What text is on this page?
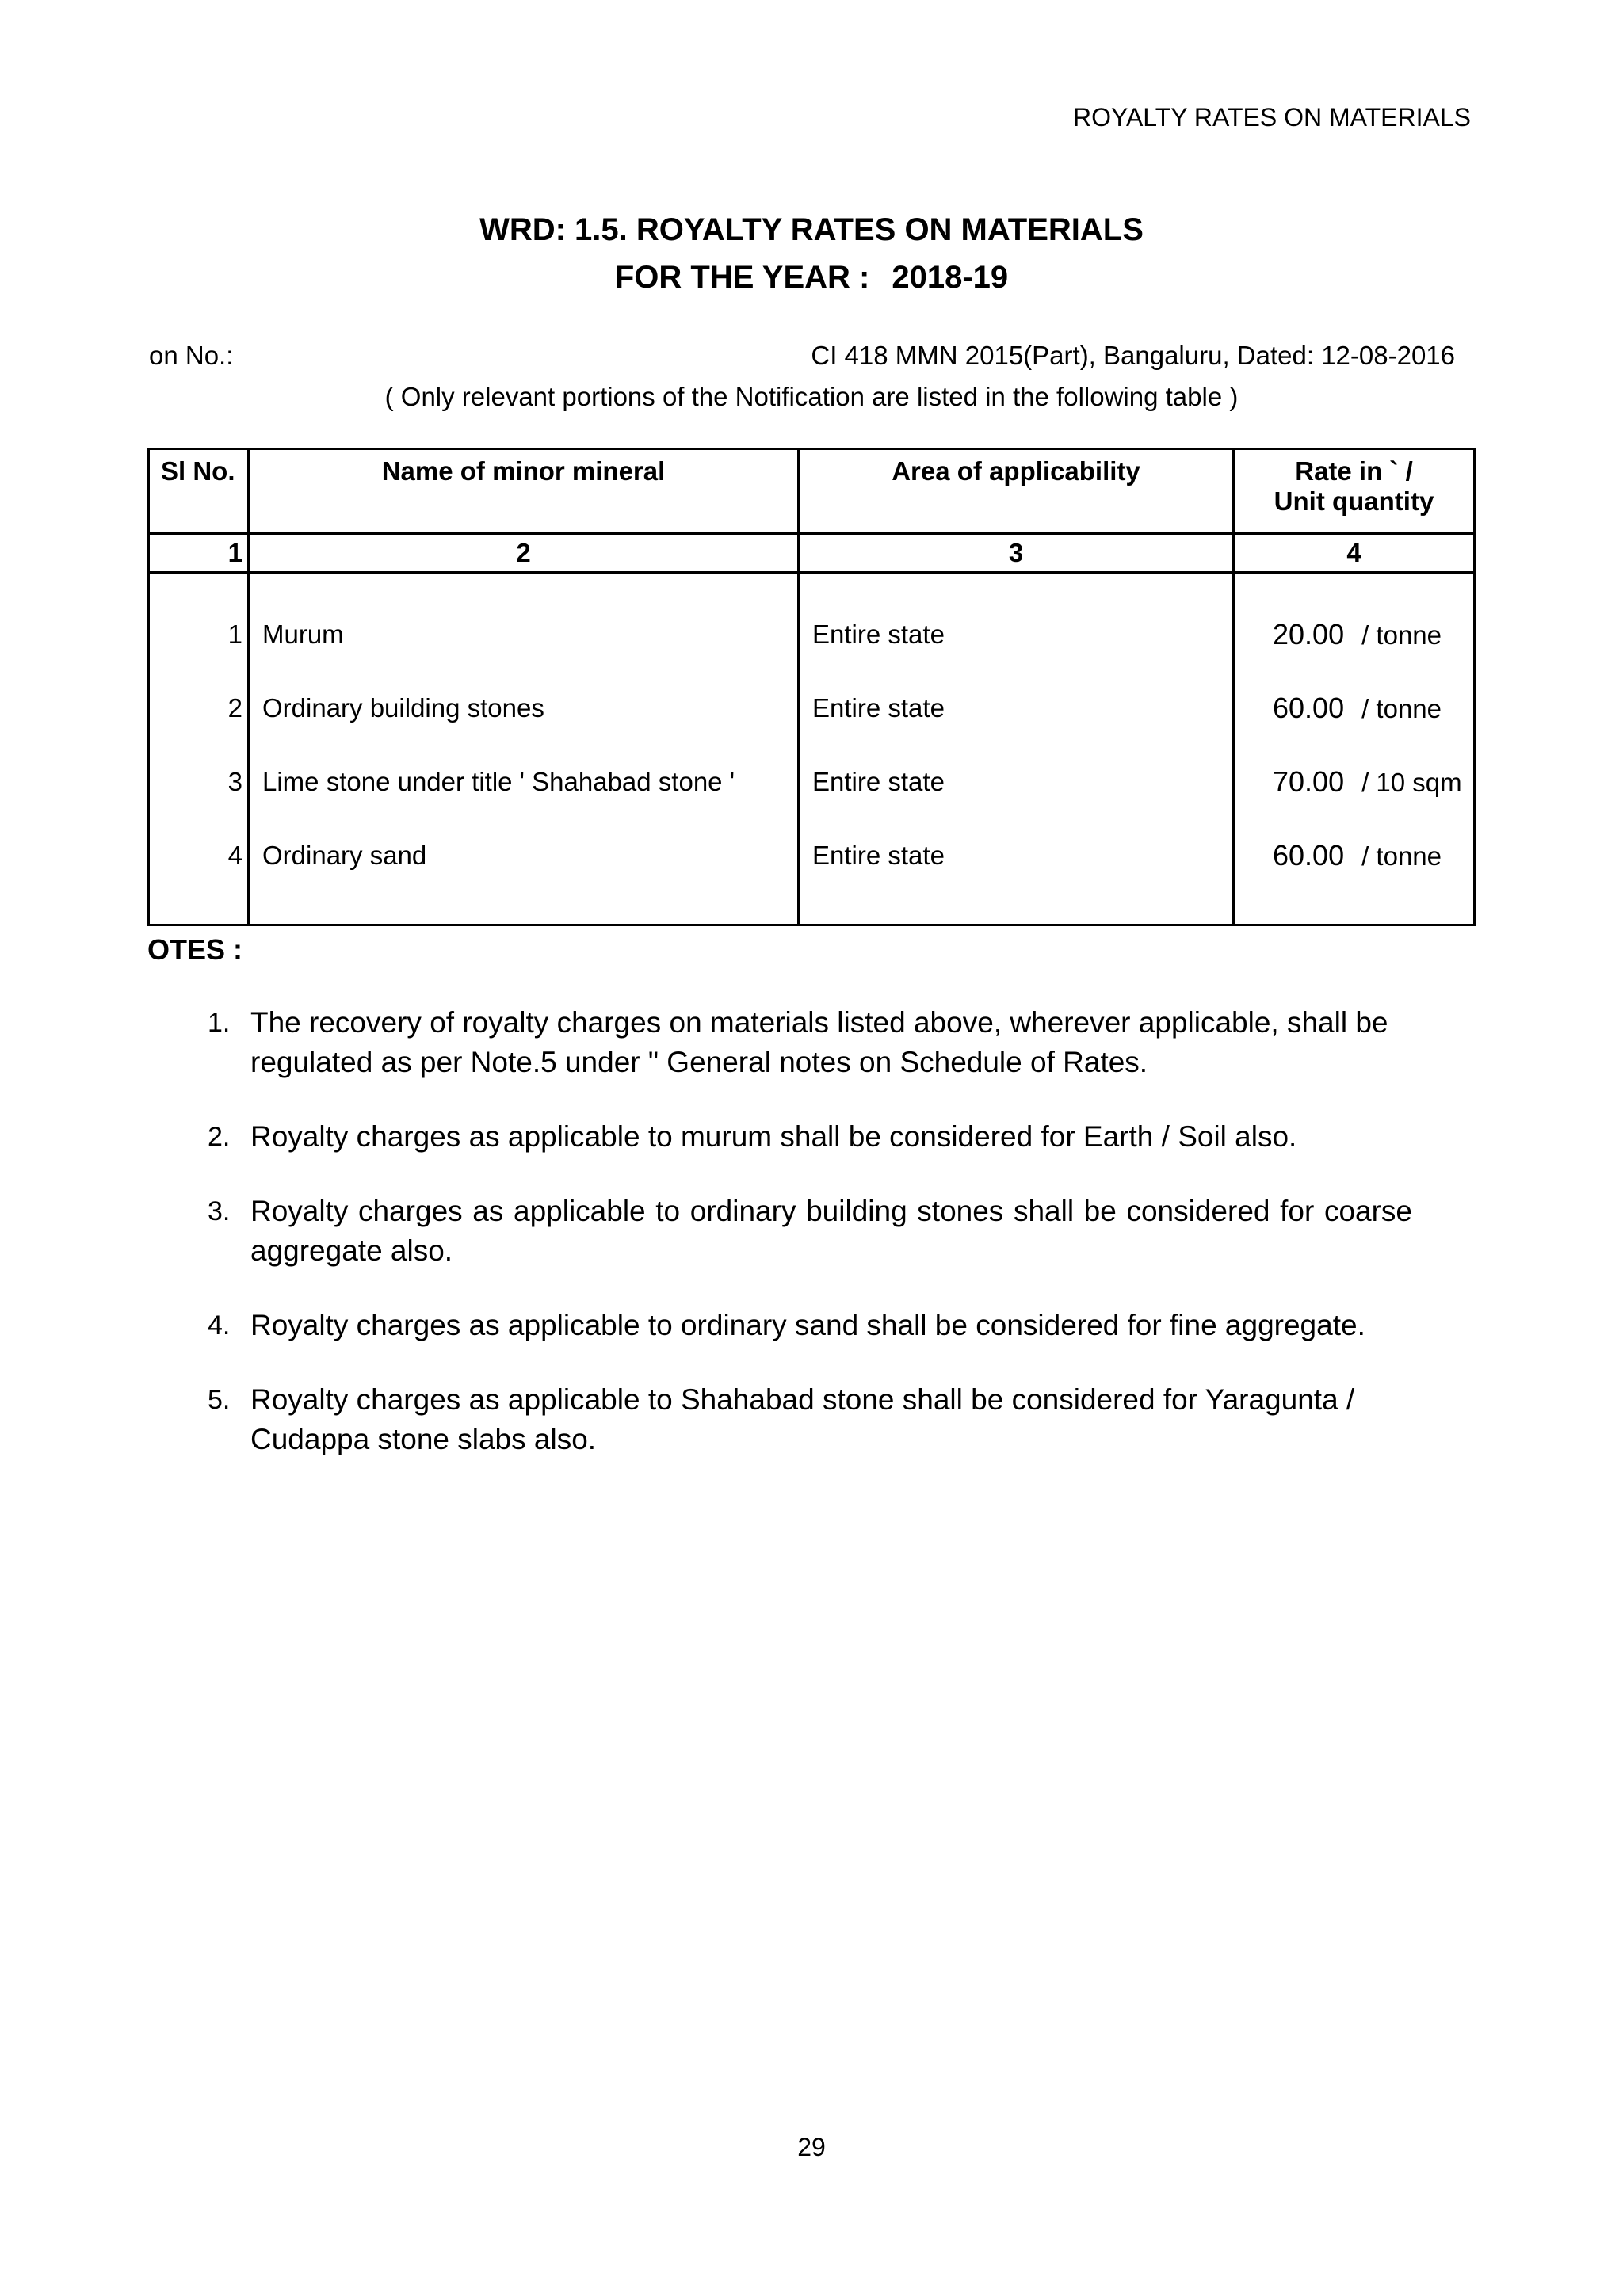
ROYALTY RATES ON MATERIALS
WRD: 1.5. ROYALTY RATES ON MATERIALS
FOR THE YEAR : 2018-19
on No.:	CI 418 MMN 2015(Part), Bangaluru, Dated: 12-08-2016
( Only relevant portions of the Notification are listed in the following table )
Sl No.	Name of minor mineral	Area of applicability	Rate in ` /
Unit quantity

1	2	3	4

1	Murum	Entire state	20.00 / tonne
2	Ordinary building stones	Entire state	60.00 / tonne
3	Lime stone under title ' Shahabad stone '	Entire state	70.00 / 10 sqm
4	Ordinary sand	Entire state	60.00 / tonne

OTES :
1. The recovery of royalty charges on materials listed above, wherever applicable, shall be regulated as per Note.5 under " General notes on Schedule of Rates.
2. Royalty charges as applicable to murum shall be considered for Earth / Soil also.
3. Royalty charges as applicable to ordinary building stones shall be considered for coarse aggregate also.
4. Royalty charges as applicable to ordinary sand shall be considered for fine aggregate.
5. Royalty charges as applicable to Shahabad stone shall be considered for Yaragunta / Cudappa stone slabs also.
29
